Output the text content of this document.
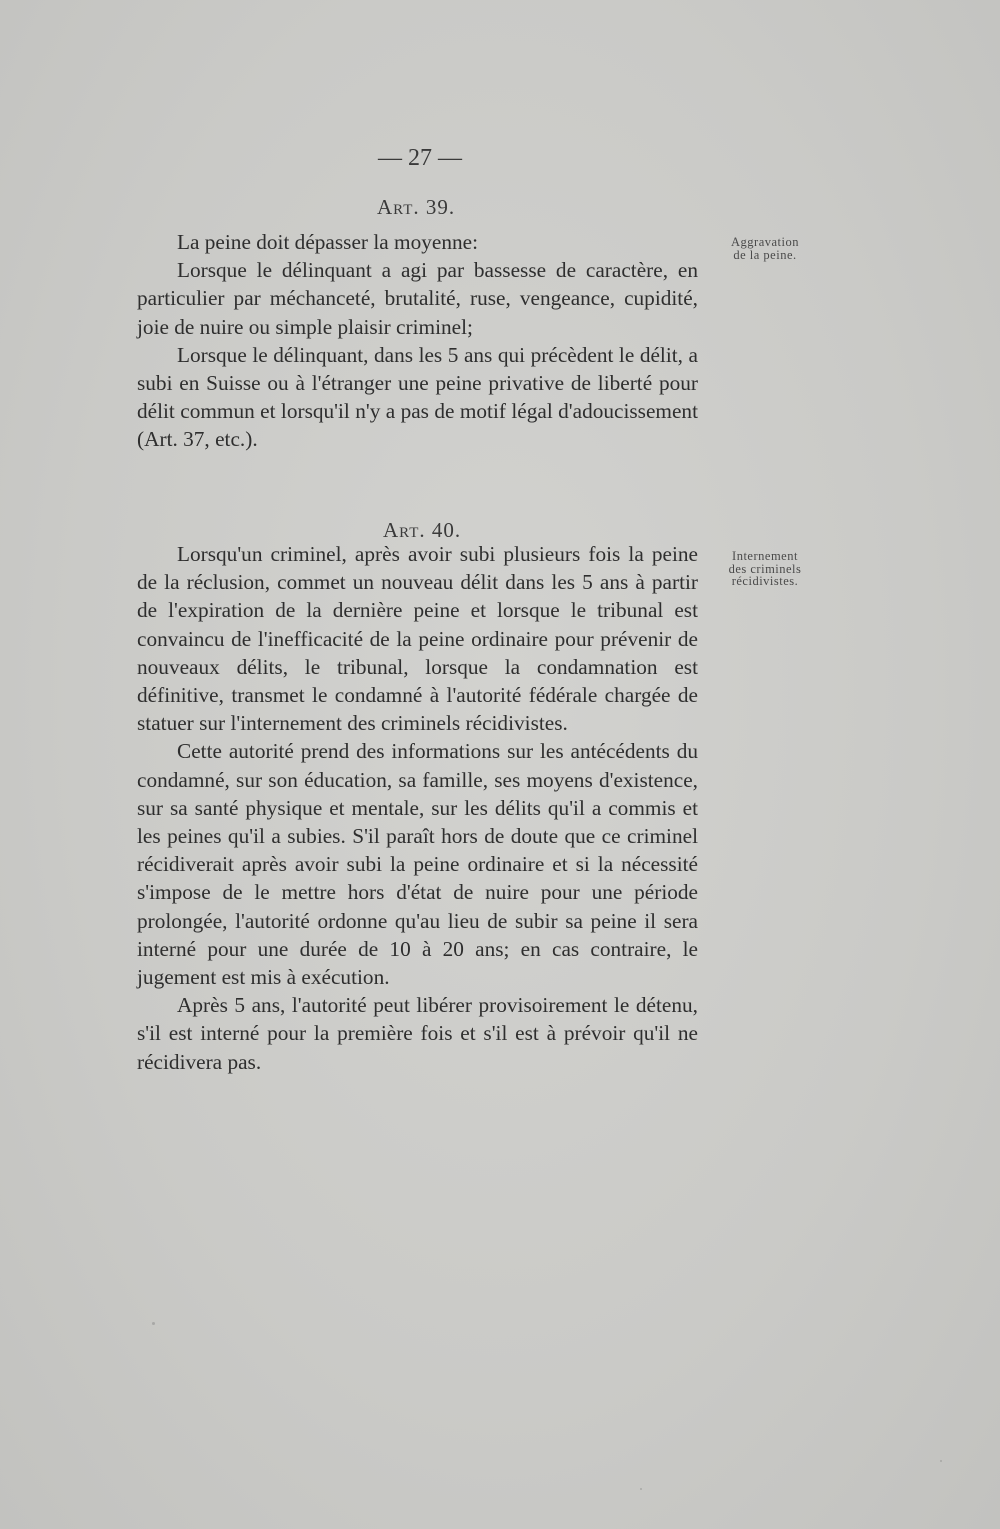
— 27 —
Art. 39.
Aggravation
de la peine.

La peine doit dépasser la moyenne:

Lorsque le délinquant a agi par bassesse de caractère, en particulier par méchanceté, brutalité, ruse, vengeance, cupidité, joie de nuire ou simple plaisir criminel;

Lorsque le délinquant, dans les 5 ans qui précèdent le délit, a subi en Suisse ou à l'étranger une peine privative de liberté pour délit commun et lorsqu'il n'y a pas de motif légal d'adoucissement (Art. 37, etc.).

Art. 40.
Internement
des criminels
récidivistes.

Lorsqu'un criminel, après avoir subi plusieurs fois la peine de la réclusion, commet un nouveau délit dans les 5 ans à partir de l'expiration de la dernière peine et lorsque le tribunal est convaincu de l'inefficacité de la peine ordinaire pour prévenir de nouveaux délits, le tribunal, lorsque la condamnation est définitive, transmet le condamné à l'autorité fédérale chargée de statuer sur l'internement des criminels récidivistes.

Cette autorité prend des informations sur les antécédents du condamné, sur son éducation, sa famille, ses moyens d'existence, sur sa santé physique et mentale, sur les délits qu'il a commis et les peines qu'il a subies. S'il paraît hors de doute que ce criminel récidiverait après avoir subi la peine ordinaire et si la nécessité s'impose de le mettre hors d'état de nuire pour une période prolongée, l'autorité ordonne qu'au lieu de subir sa peine il sera interné pour une durée de 10 à 20 ans; en cas contraire, le jugement est mis à exécution.

Après 5 ans, l'autorité peut libérer provisoirement le détenu, s'il est interné pour la première fois et s'il est à prévoir qu'il ne récidivera pas.
